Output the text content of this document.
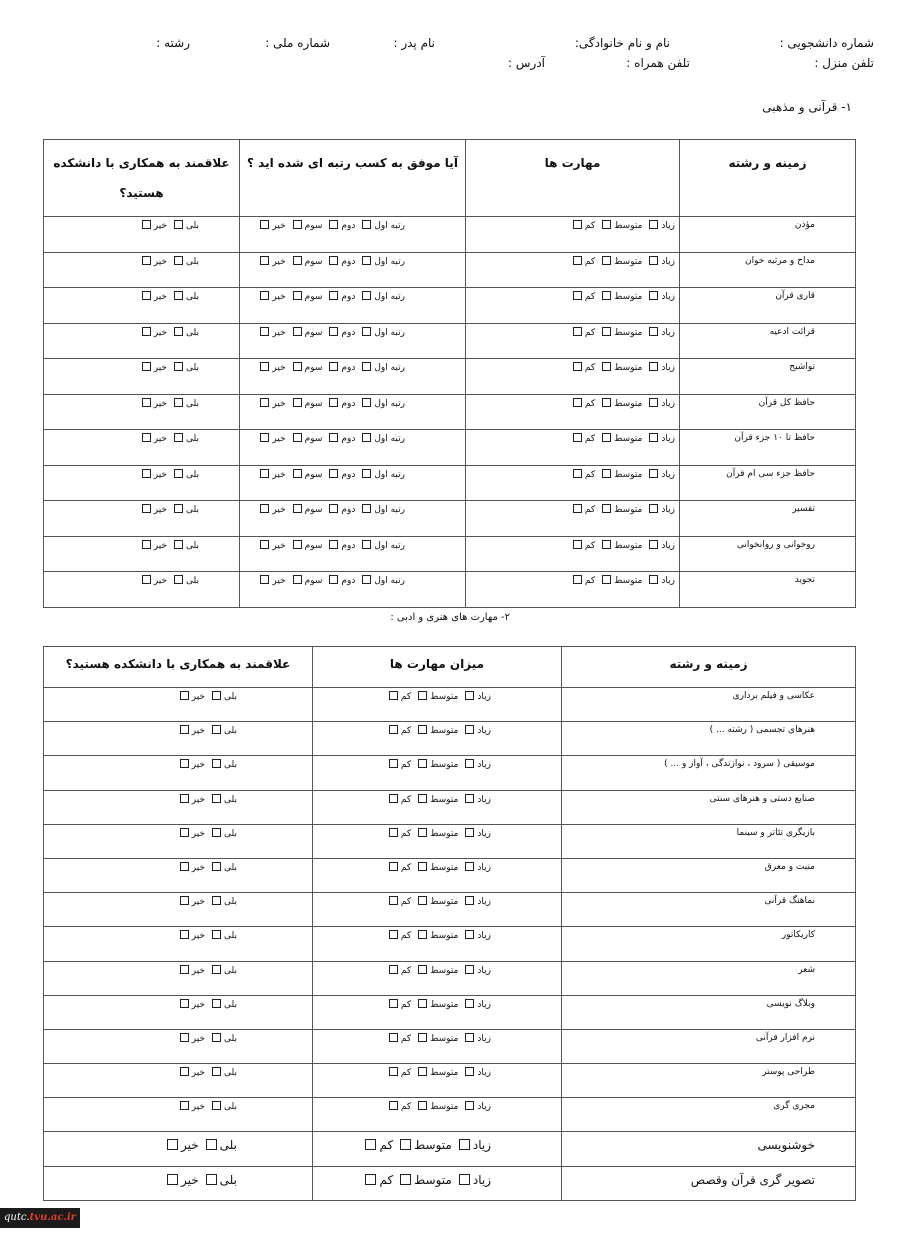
شماره دانشجویی :
نام و نام خانوادگی:
نام پدر :
شماره ملی :
رشته :
تلفن منزل :
تلفن همراه :
آدرس :
۱- قرآنی و مذهبی
زمینه و رشته	مهارت ها	آیا موفق به کسب رتبه ای شده اید ؟	علاقمند به همکاری با دانشکده هستید؟
مؤذن	زیادمتوسطکم	رتبه اولدومسومخیر	بلیخیر
مداح و مرثیه خوان	زیادمتوسطکم	رتبه اولدومسومخیر	بلیخیر
قاری قرآن	زیادمتوسطکم	رتبه اولدومسومخیر	بلیخیر
قرائت ادعیه	زیادمتوسطکم	رتبه اولدومسومخیر	بلیخیر
تواشیح	زیادمتوسطکم	رتبه اولدومسومخیر	بلیخیر
حافظ کل قرآن	زیادمتوسطکم	رتبه اولدومسومخیر	بلیخیر
حافظ تا ۱۰ جزء قرآن	زیادمتوسطکم	رتبه اولدومسومخیر	بلیخیر
حافظ جزء سی ام قرآن	زیادمتوسطکم	رتبه اولدومسومخیر	بلیخیر
تفسیر	زیادمتوسطکم	رتبه اولدومسومخیر	بلیخیر
روخوانی و روانخوانی	زیادمتوسطکم	رتبه اولدومسومخیر	بلیخیر
تجوید	زیادمتوسطکم	رتبه اولدومسومخیر	بلیخیر
۲- مهارت های هنری و ادبی :
زمینه و رشته	میزان مهارت ها	علاقمند به همکاری با دانشکده هستید؟
عکاسی و فیلم برداری	زیادمتوسطکم	بلیخیر
هنرهای تجسمی ( رشته ... )	زیادمتوسطکم	بلیخیر
موسیقی ( سرود ، نوازندگی ، آواز و ... )	زیادمتوسطکم	بلیخیر
صنایع دستی و هنرهای سنتی	زیادمتوسطکم	بلیخیر
بازیگری تئاتر و سینما	زیادمتوسطکم	بلیخیر
منبت و معرق	زیادمتوسطکم	بلیخیر
نماهنگ قرآنی	زیادمتوسطکم	بلیخیر
کاریکاتور	زیادمتوسطکم	بلیخیر
شعر	زیادمتوسطکم	بلیخیر
وبلاگ نویسی	زیادمتوسطکم	بلیخیر
نرم افزار قرآنی	زیادمتوسطکم	بلیخیر
طراحی پوستر	زیادمتوسطکم	بلیخیر
مجری گری	زیادمتوسطکم	بلیخیر
خوشنویسی	زیادمتوسطکم	بلیخیر
تصویر گری قرآن وقصص	زیادمتوسطکم	بلیخیر
qutc.tvu.ac.ir
